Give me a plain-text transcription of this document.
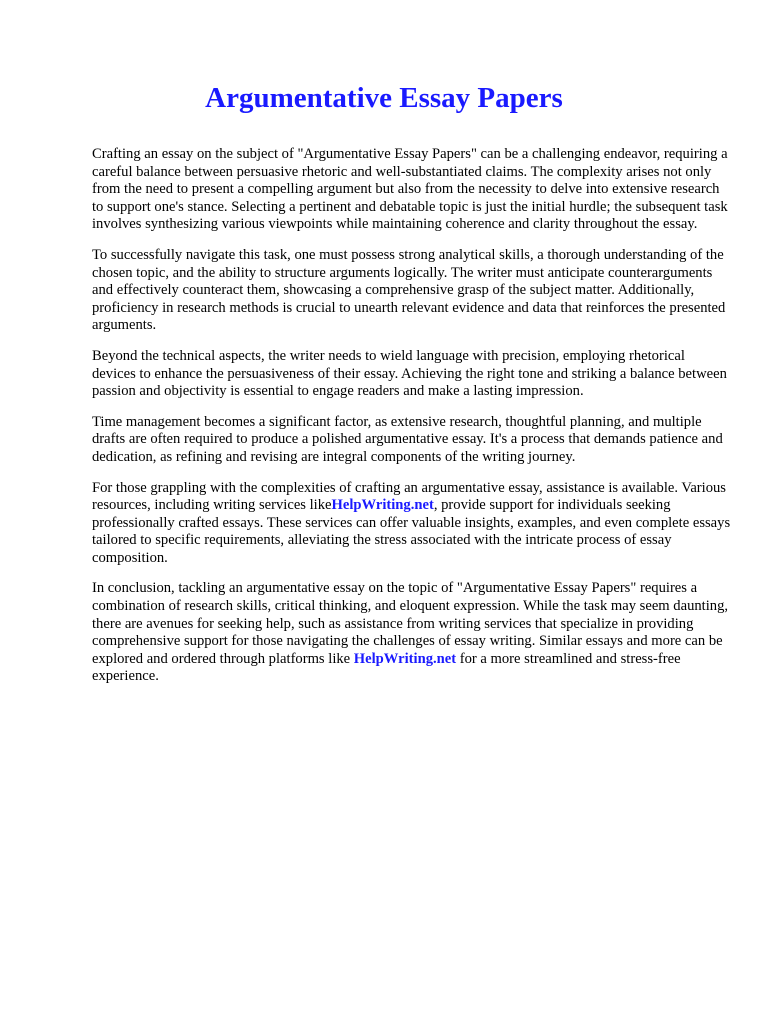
Argumentative Essay Papers

Crafting an essay on the subject of "Argumentative Essay Papers" can be a challenging endeavor, requiring a careful balance between persuasive rhetoric and well-substantiated claims. The complexity arises not only from the need to present a compelling argument but also from the necessity to delve into extensive research to support one's stance. Selecting a pertinent and debatable topic is just the initial hurdle; the subsequent task involves synthesizing various viewpoints while maintaining coherence and clarity throughout the essay.

To successfully navigate this task, one must possess strong analytical skills, a thorough understanding of the chosen topic, and the ability to structure arguments logically. The writer must anticipate counterarguments and effectively counteract them, showcasing a comprehensive grasp of the subject matter. Additionally, proficiency in research methods is crucial to unearth relevant evidence and data that reinforces the presented arguments.

Beyond the technical aspects, the writer needs to wield language with precision, employing rhetorical devices to enhance the persuasiveness of their essay. Achieving the right tone and striking a balance between passion and objectivity is essential to engage readers and make a lasting impression.

Time management becomes a significant factor, as extensive research, thoughtful planning, and multiple drafts are often required to produce a polished argumentative essay. It's a process that demands patience and dedication, as refining and revising are integral components of the writing journey.

For those grappling with the complexities of crafting an argumentative essay, assistance is available. Various resources, including writing services likeHelpWriting.net, provide support for individuals seeking professionally crafted essays. These services can offer valuable insights, examples, and even complete essays tailored to specific requirements, alleviating the stress associated with the intricate process of essay composition.

In conclusion, tackling an argumentative essay on the topic of "Argumentative Essay Papers" requires a combination of research skills, critical thinking, and eloquent expression. While the task may seem daunting, there are avenues for seeking help, such as assistance from writing services that specialize in providing comprehensive support for those navigating the challenges of essay writing. Similar essays and more can be explored and ordered through platforms like HelpWriting.net for a more streamlined and stress-free experience.
